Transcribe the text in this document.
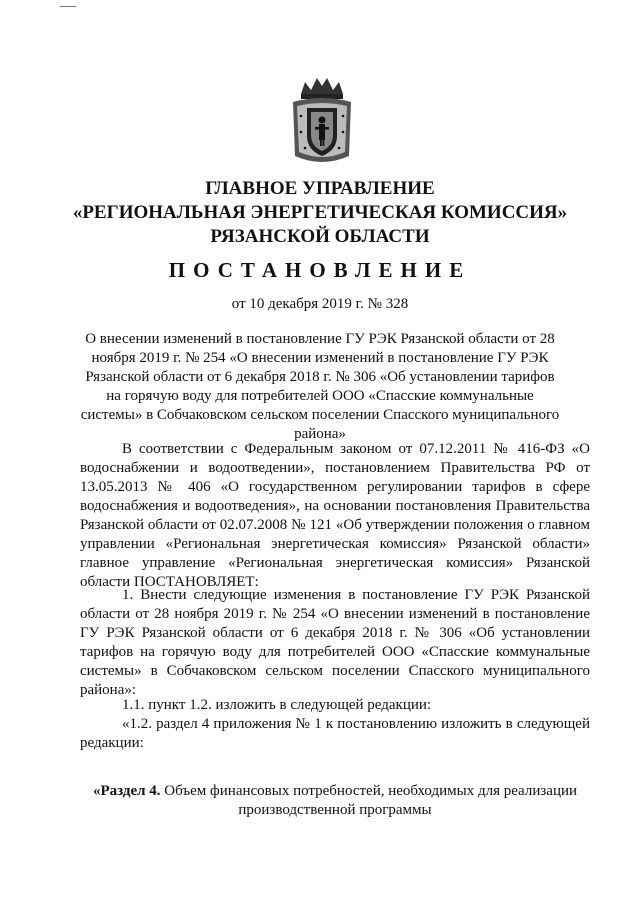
ГЛАВНОЕ УПРАВЛЕНИЕ
«РЕГИОНАЛЬНАЯ ЭНЕРГЕТИЧЕСКАЯ КОМИССИЯ»
РЯЗАНСКОЙ ОБЛАСТИ
ПОСТАНОВЛЕНИЕ
от 10 декабря 2019 г. № 328
О внесении изменений в постановление ГУ РЭК Рязанской области от 28 ноября 2019 г. № 254 «О внесении изменений в постановление ГУ РЭК Рязанской области от 6 декабря 2018 г. № 306 «Об установлении тарифов на горячую воду для потребителей ООО «Спасские коммунальные системы» в Собчаковском сельском поселении Спасского муниципального района»
В соответствии с Федеральным законом от 07.12.2011 № 416-ФЗ «О водоснабжении и водоотведении», постановлением Правительства РФ от 13.05.2013 № 406 «О государственном регулировании тарифов в сфере водоснабжения и водоотведения», на основании постановления Правительства Рязанской области от 02.07.2008 № 121 «Об утверждении положения о главном управлении «Региональная энергетическая комиссия» Рязанской области» главное управление «Региональная энергетическая комиссия» Рязанской области ПОСТАНОВЛЯЕТ:
1. Внести следующие изменения в постановление ГУ РЭК Рязанской области от 28 ноября 2019 г. № 254 «О внесении изменений в постановление ГУ РЭК Рязанской области от 6 декабря 2018 г. № 306 «Об установлении тарифов на горячую воду для потребителей ООО «Спасские коммунальные системы» в Собчаковском сельском поселении Спасского муниципального района»:
1.1. пункт 1.2. изложить в следующей редакции:
«1.2. раздел 4 приложения № 1 к постановлению изложить в следующей редакции:
«Раздел 4. Объем финансовых потребностей, необходимых для реализации производственной программы
